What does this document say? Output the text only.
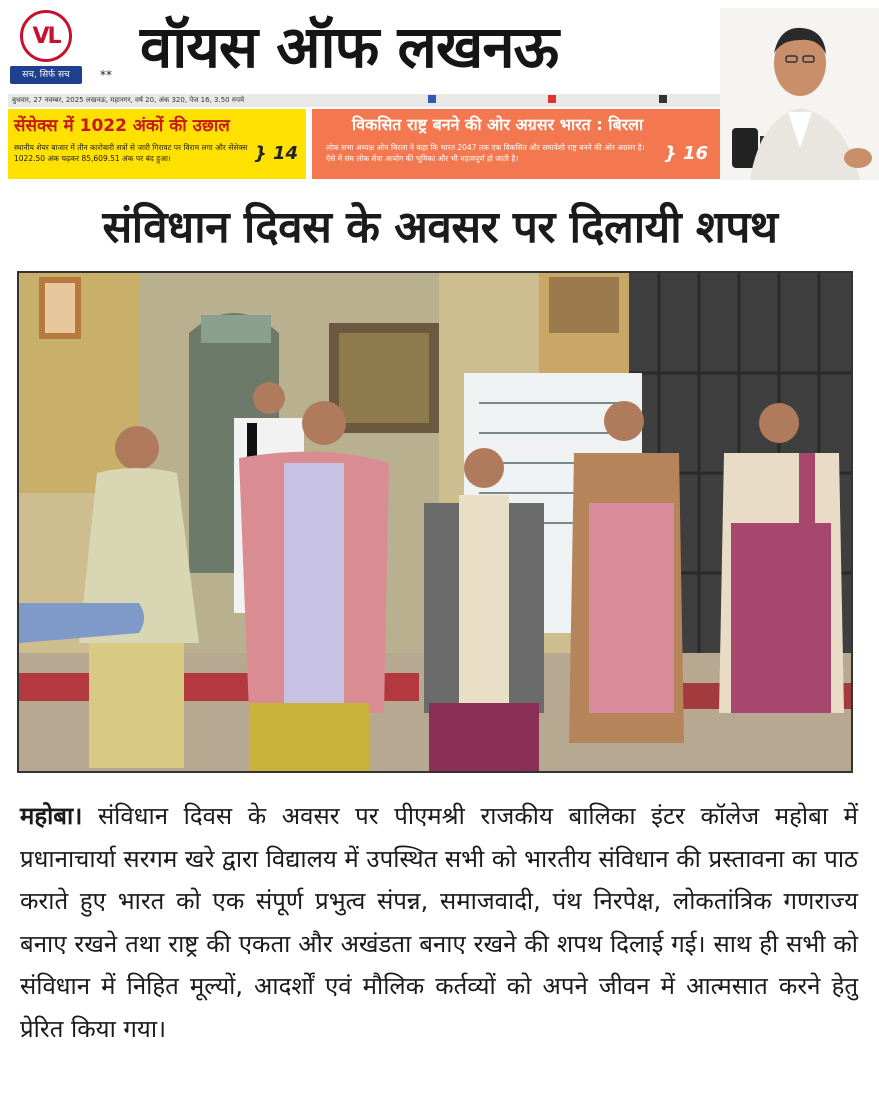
VL
सच, सिर्फ सच	** वॉयस ऑफ लखनऊ
बुधवार, 27 नवम्बर, 2025 लखनऊ, महानगर, वर्ष 20, अंक 320, पेज 16, 3.50 रुपये
सेंसेक्स में 1022 अंकों की उछाल
स्थानीय शेयर बाजार में तीन कारोबारी सत्रों से जारी गिरावट पर विराम लगा और सेंसेक्स 1022.50 अंक चढ़कर 85,609.51 अंक पर बंद हुआ।	} 14
विकसित राष्ट्र बनने की ओर अग्रसर भारत : बिरला
लोक सभा अध्यक्ष ओम बिरला ने कहा कि भारत 2047 तक एक विकसित और समावेशी राष्ट्र बनने की ओर अग्रसर है। ऐसे में संघ लोक सेवा आयोग की भूमिका और भी महत्वपूर्ण हो जाती है।	} 16
संविधान दिवस के अवसर पर दिलायी शपथ
महोबा। संविधान दिवस के अवसर पर पीएमश्री राजकीय बालिका इंटर कॉलेज महोबा में प्रधानाचार्या सरगम खरे द्वारा विद्यालय में उपस्थित सभी को भारतीय संविधान की प्रस्तावना का पाठ कराते हुए भारत को एक संपूर्ण प्रभुत्व संपन्न, समाजवादी, पंथ निरपेक्ष, लोकतांत्रिक गणराज्य बनाए रखने तथा राष्ट्र की एकता और अखंडता बनाए रखने की शपथ दिलाई गई। साथ ही सभी को संविधान में निहित मूल्यों, आदर्शों एवं मौलिक कर्तव्यों को अपने जीवन में आत्मसात करने हेतु प्रेरित किया गया।
